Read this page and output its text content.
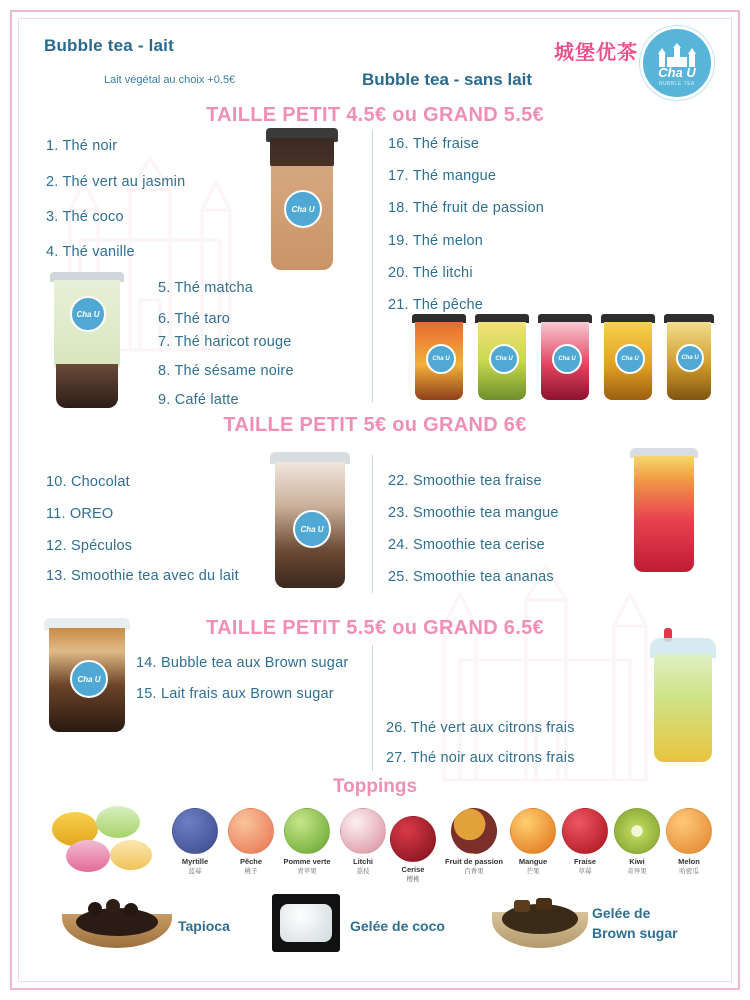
Bubble tea - lait
Lait végétal au choix +0.5€	Bubble tea - sans lait
城堡优茶
Cha U
BUBBLE TEA
TAILLE PETIT 4.5€ ou GRAND 5.5€
1. Thé noir
2. Thé vert au jasmin
3. Thé coco
4. Thé vanille
5. Thé matcha
6. Thé taro
7. Thé haricot rouge
8. Thé sésame noire
9. Café latte
16. Thé fraise
17. Thé mangue
18. Thé fruit de passion
19. Thé melon
20. Thé litchi
21. Thé pêche
Cha U
Cha U
Cha U	Cha U	Cha U	Cha U	Cha U
TAILLE PETIT 5€ ou GRAND 6€
10. Chocolat
11. OREO
12. Spéculos
13. Smoothie tea avec du lait
22. Smoothie tea fraise
23. Smoothie tea mangue
24. Smoothie tea cerise
25. Smoothie tea ananas
Cha U
TAILLE PETIT 5.5€ ou GRAND 6.5€
14. Bubble tea aux Brown sugar
15. Lait frais aux Brown sugar
26. Thé vert aux citrons frais
27. Thé noir aux citrons frais
Cha U
Toppings
Myrtille
蓝莓
Pêche
桃子
Pomme verte
青苹果
Litchi
荔枝	Cerise
樱桃
Fruit de passion
百香果
Mangue
芒果
Fraise
草莓
Kiwi
奇异果
Melon
哈密瓜
Tapioca	Gelée de coco
Gelée de
Brown sugar
